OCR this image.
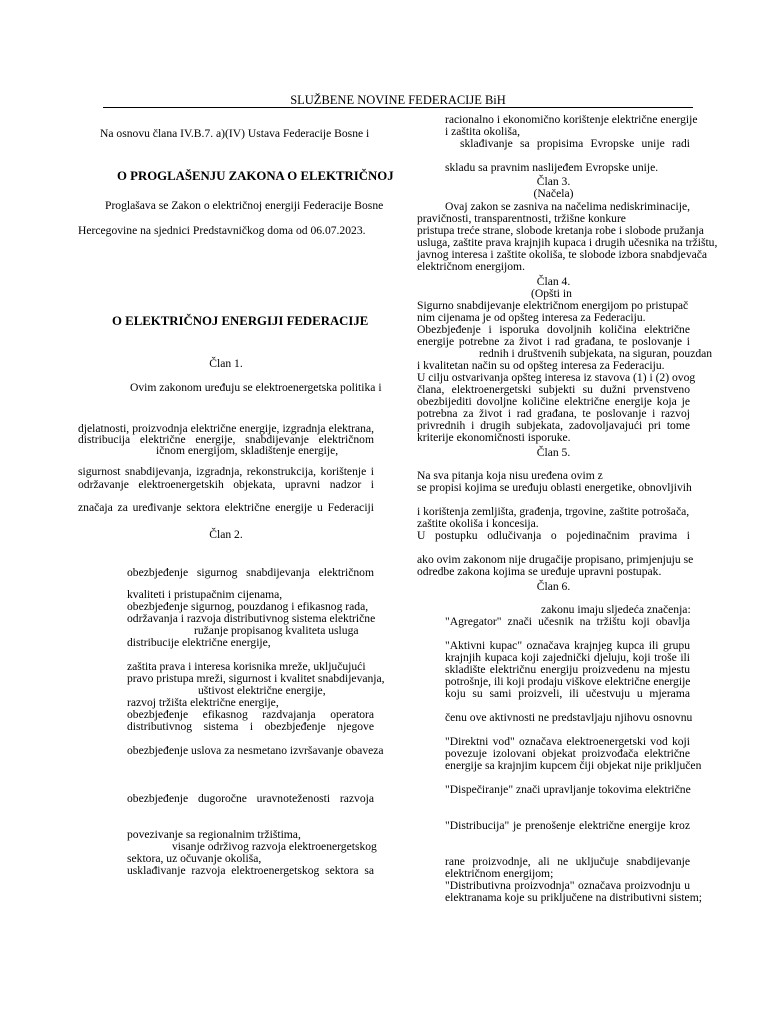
SLUŽBENE NOVINE FEDERACIJE BiH
Na osnovu člana IV.B.7. a)(IV) Ustava Federacije Bosne i
O PROGLAŠENJU ZAKONA O ELEKTRIČNOJ
Proglašava se Zakon o električnoj energiji Federacije Bosne
Hercegovine na sjednici Predstavničkog doma od 06.07.2023.
O ELEKTRIČNOJ ENERGIJI FEDERACIJE
Član 1.
Ovim zakonom uređuju se elektroenergetska politika i
djelatnosti, proizvodnja električne energije, izgradnja elektrana,
distribucija električne energije, snabdijevanje električnom
ičnom energijom, skladištenje energije,
sigurnost snabdijevanja, izgradnja, rekonstrukcija, korištenje i
održavanje elektroenergetskih objekata, upravni nadzor i
značaja za uređivanje sektora električne energije u Federaciji
Član 2.
obezbjeđenje sigurnog snabdijevanja električnom
kvaliteti i pristupačnim cijenama,
obezbjeđenje sigurnog, pouzdanog i efikasnog rada,
održavanja i razvoja distributivnog sistema električne
ružanje propisanog kvaliteta usluga
distribucije električne energije,
zaštita prava i interesa korisnika mreže, uključujući
pravo pristupa mreži, sigurnost i kvalitet snabdijevanja,
uštivost električne energije,
razvoj tržišta električne energije,
obezbjeđenje efikasnog razdvajanja operatora
distributivnog sistema i obezbjeđenje njegove
obezbjeđenje uslova za nesmetano izvršavanje obaveza
obezbjeđenje dugoročne uravnoteženosti razvoja
povezivanje sa regionalnim tržištima,
visanje održivog razvoja elektroenergetskog
sektora, uz očuvanje okoliša,
usklađivanje razvoja elektroenergetskog sektora sa
racionalno i ekonomično korištenje električne energije
i zaštita okoliša,
sklađivanje sa propisima Evropske unije radi
skladu sa pravnim naslijeđem Evropske unije.
Član 3.
(Načela)
Ovaj zakon se zasniva na načelima nediskriminacije,
pravičnosti, transparentnosti, tržišne konkure
pristupa treće strane, slobode kretanja robe i slobode pružanja
usluga, zaštite prava krajnjih kupaca i drugih učesnika na tržištu,
javnog interesa i zaštite okoliša, te slobode izbora snabdjevača
električnom energijom.
Član 4.
(Opšti in
Sigurno snabdijevanje električnom energijom po pristupač
nim cijenama je od opšteg interesa za Federaciju.
Obezbjeđenje i isporuka dovoljnih količina električne
energije potrebne za život i rad građana, te poslovanje i
rednih i društvenih subjekata, na siguran, pouzdan
i kvalitetan način su od opšteg interesa za Federaciju.
U cilju ostvarivanja opšteg interesa iz stavova (1) i (2) ovog
člana, elektroenergetski subjekti su dužni prvenstveno
obezbijediti dovoljne količine električne energije koja je
potrebna za život i rad građana, te poslovanje i razvoj
privrednih i drugih subjekata, zadovoljavajući pri tome
kriterije ekonomičnosti isporuke.
Član 5.
Na sva pitanja koja nisu uređena ovim z
se propisi kojima se uređuju oblasti energetike, obnovljivih
i korištenja zemljišta, građenja, trgovine, zaštite potrošača,
zaštite okoliša i koncesija.
U postupku odlučivanja o pojedinačnim pravima i
ako ovim zakonom nije drugačije propisano, primjenjuju se
odredbe zakona kojima se uređuje upravni postupak.
Član 6.
zakonu imaju sljedeća značenja:
"Agregator" znači učesnik na tržištu koji obavlja
"Aktivni kupac" označava krajnjeg kupca ili grupu
krajnjih kupaca koji zajednički djeluju, koji troše ili
skladište električnu energiju proizvedenu na mjestu
potrošnje, ili koji prodaju viškove električne energije
koju su sami proizveli, ili učestvuju u mjerama
čenu ove aktivnosti ne predstavljaju njihovu osnovnu
"Direktni vod" označava elektroenergetski vod koji
povezuje izolovani objekat proizvođača električne
energije sa krajnjim kupcem čiji objekat nije priključen
"Dispečiranje" znači upravljanje tokovima električne
"Distribucija" je prenošenje električne energije kroz
rane proizvodnje, ali ne uključuje snabdijevanje
električnom energijom;
"Distributivna proizvodnja" označava proizvodnju u
elektranama koje su priključene na distributivni sistem;
